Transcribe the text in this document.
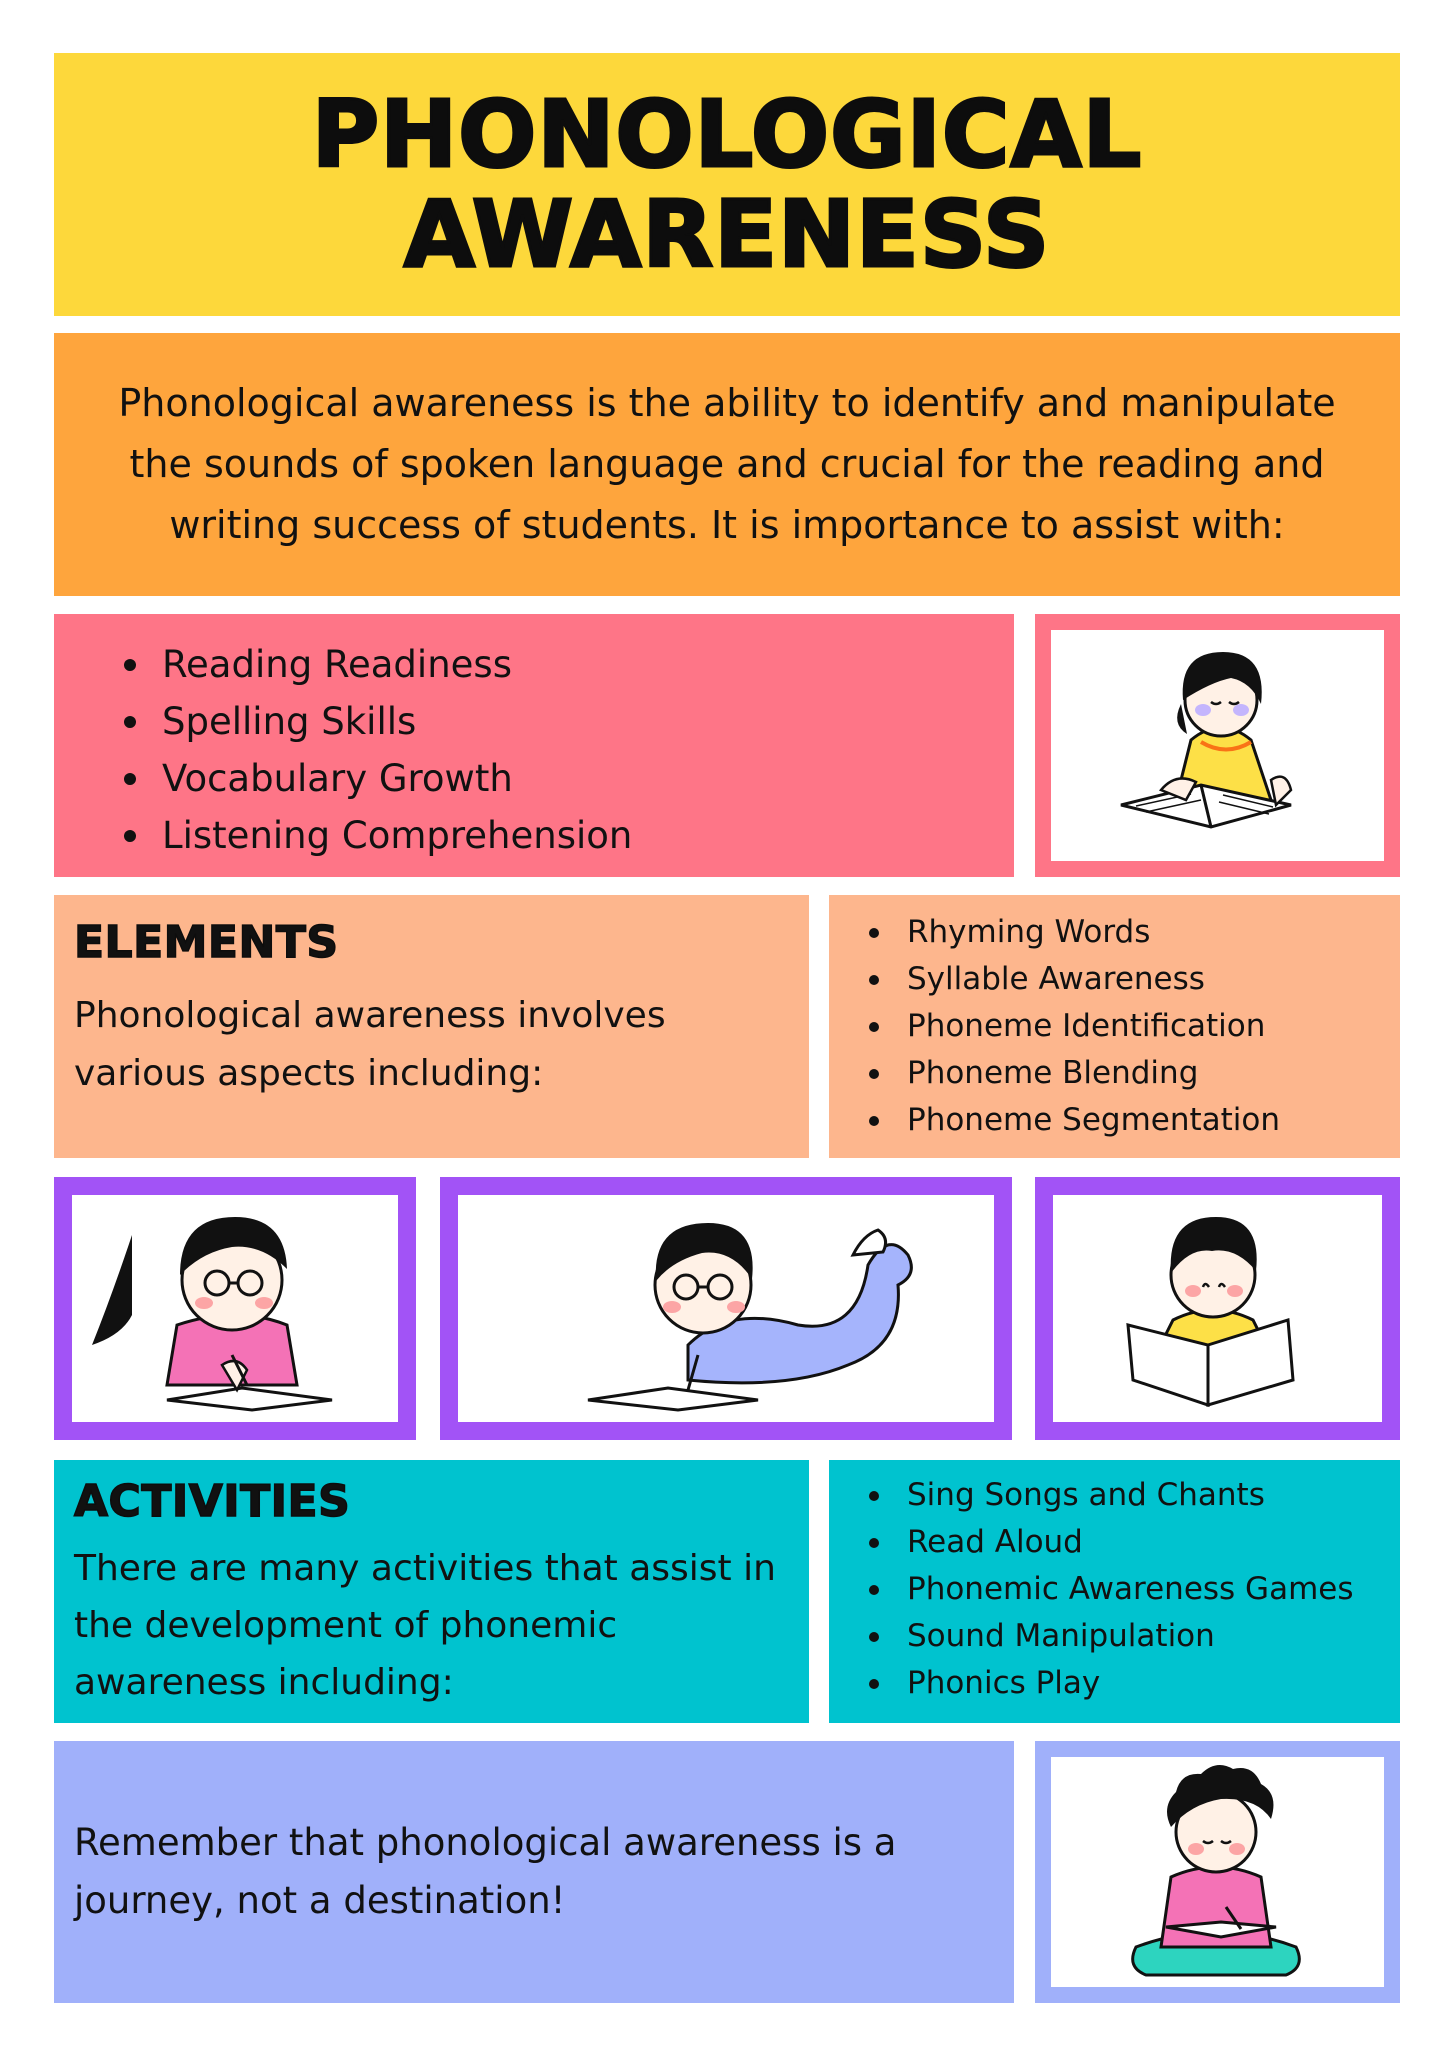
PHONOLOGICAL
AWARENESS

Phonological awareness is the ability to identify and manipulate the sounds of spoken language and crucial for the reading and writing success of students. It is importance to assist with:

Reading Readiness
Spelling Skills
Vocabulary Growth
Listening Comprehension
ELEMENTS

Phonological awareness involves various aspects including:

Rhyming Words
Syllable Awareness
Phoneme Identification
Phoneme Blending
Phoneme Segmentation
ACTIVITIES

There are many activities that assist in the development of phonemic awareness including:

Sing Songs and Chants
Read Aloud
Phonemic Awareness Games
Sound Manipulation
Phonics Play

Remember that phonological awareness is a journey, not a destination!
